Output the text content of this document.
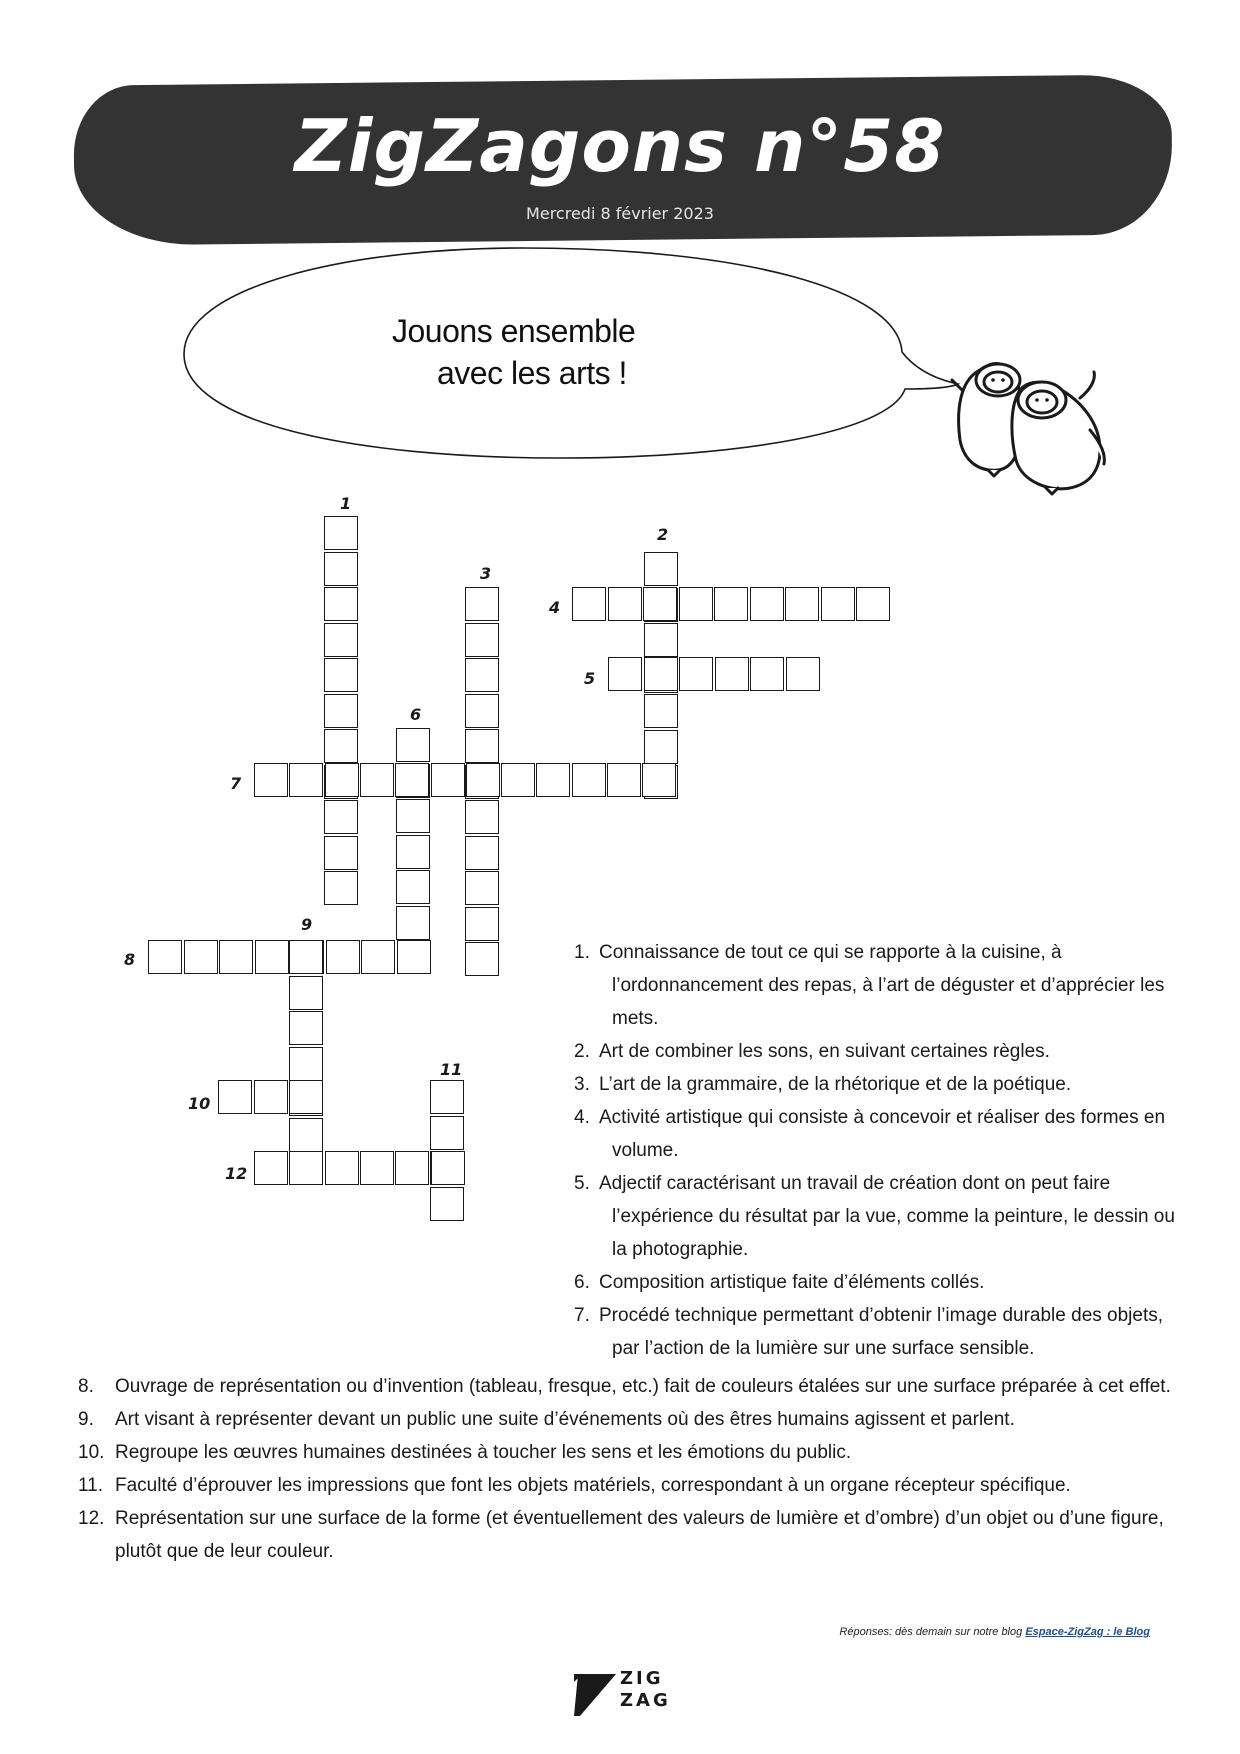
ZigZagons n°58
Mercredi 8 février 2023
Jouons ensemble
avec les arts !
1
2
3
4
5
6
7
8
9
10
11
12
1. Connaissance de tout ce qui se rapporte à la cuisine, à l’ordonnancement des repas, à l’art de déguster et d’apprécier les mets.
2. Art de combiner les sons, en suivant certaines règles.
3. L’art de la grammaire, de la rhétorique et de la poétique.
4. Activité artistique qui consiste à concevoir et réaliser des formes en volume.
5. Adjectif caractérisant un travail de création dont on peut faire l’expérience du résultat par la vue, comme la peinture, le dessin ou la photographie.
6. Composition artistique faite d’éléments collés.
7. Procédé technique permettant d’obtenir l’image durable des objets, par l’action de la lumière sur une surface sensible.
8. Ouvrage de représentation ou d’invention (tableau, fresque, etc.) fait de couleurs étalées sur une surface préparée à cet effet.
9. Art visant à représenter devant un public une suite d’événements où des êtres humains agissent et parlent.
10. Regroupe les œuvres humaines destinées à toucher les sens et les émotions du public.
11. Faculté d’éprouver les impressions que font les objets matériels, correspondant à un organe récepteur spécifique.
12. Représentation sur une surface de la forme (et éventuellement des valeurs de lumière et d’ombre) d’un objet ou d’une figure, plutôt que de leur couleur.
Réponses: dès demain sur notre blog Espace-ZigZag : le Blog
ZIG
ZAG
